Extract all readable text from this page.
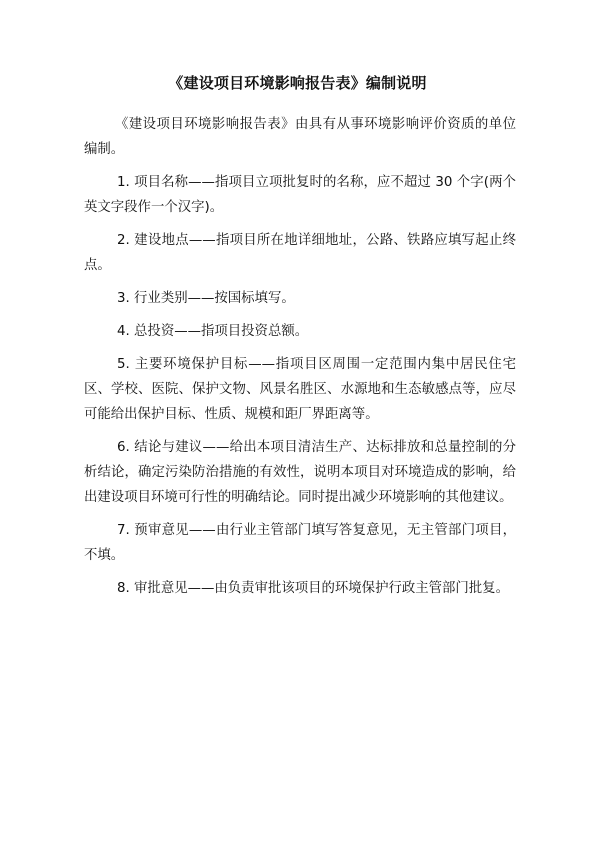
《建设项目环境影响报告表》编制说明

《建设项目环境影响报告表》由具有从事环境影响评价资质的单位编制。

1. 项目名称——指项目立项批复时的名称，应不超过 30 个字(两个英文字段作一个汉字)。

2. 建设地点——指项目所在地详细地址，公路、铁路应填写起止终点。

3. 行业类别——按国标填写。

4. 总投资——指项目投资总额。

5. 主要环境保护目标——指项目区周围一定范围内集中居民住宅区、学校、医院、保护文物、风景名胜区、水源地和生态敏感点等，应尽可能给出保护目标、性质、规模和距厂界距离等。

6. 结论与建议——给出本项目清洁生产、达标排放和总量控制的分析结论，确定污染防治措施的有效性，说明本项目对环境造成的影响，给出建设项目环境可行性的明确结论。同时提出减少环境影响的其他建议。

7. 预审意见——由行业主管部门填写答复意见，无主管部门项目，不填。

8. 审批意见——由负责审批该项目的环境保护行政主管部门批复。
